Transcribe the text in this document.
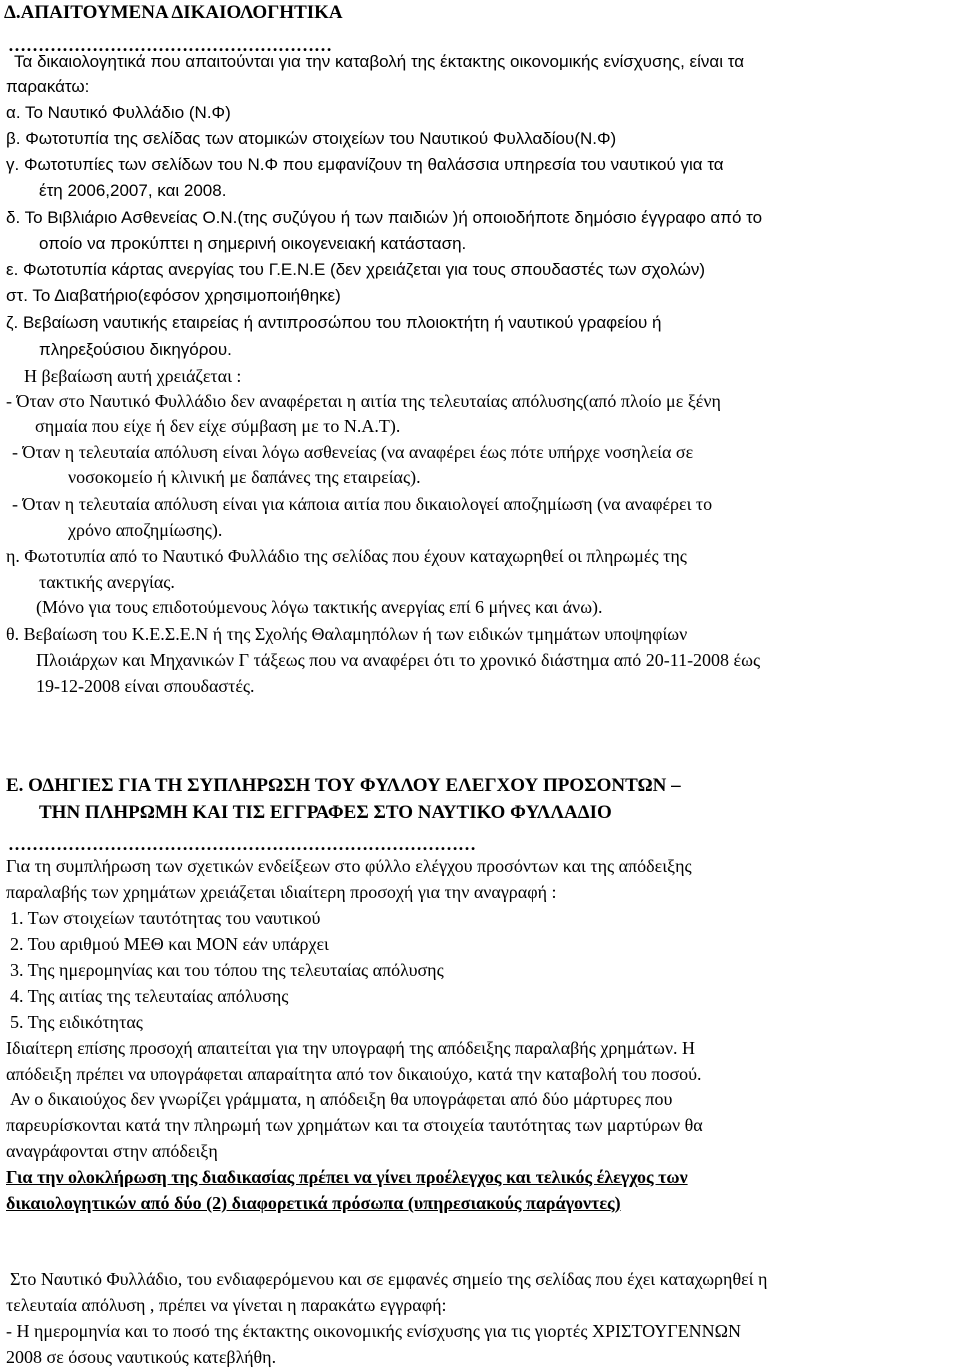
Δ.ΑΠΑΙΤΟΥΜΕΝΑ ΔΙΚΑΙΟΛΟΓΗΤΙΚΑ
………………………………………………
Τα δικαιολογητικά που απαιτούνται για την καταβολή της έκτακτης οικονομικής ενίσχυσης, είναι τα
παρακάτω:
α. Το Ναυτικό Φυλλάδιο (Ν.Φ)
β. Φωτοτυπία της σελίδας των ατομικών στοιχείων του Ναυτικού Φυλλαδίου(Ν.Φ)
γ. Φωτοτυπίες των σελίδων του Ν.Φ που εμφανίζουν τη θαλάσσια υπηρεσία του ναυτικού για τα
έτη 2006,2007, και 2008.
δ. Το Βιβλιάριο Ασθενείας Ο.Ν.(της συζύγου ή των παιδιών )ή οποιοδήποτε δημόσιο έγγραφο από το
οποίο να προκύπτει η σημερινή οικογενειακή κατάσταση.
ε. Φωτοτυπία κάρτας ανεργίας του Γ.Ε.Ν.Ε (δεν χρειάζεται για τους σπουδαστές των σχολών)
στ. Το Διαβατήριο(εφόσον χρησιμοποιήθηκε)
ζ. Βεβαίωση ναυτικής εταιρείας ή αντιπροσώπου του πλοιοκτήτη ή ναυτικού γραφείου ή
πληρεξούσιου δικηγόρου.
Η βεβαίωση αυτή χρειάζεται :
- Όταν στο Ναυτικό Φυλλάδιο δεν αναφέρεται η αιτία της τελευταίας απόλυσης(από πλοίο με ξένη
σημαία που είχε ή δεν είχε σύμβαση με το Ν.Α.Τ).
- Όταν η τελευταία απόλυση είναι λόγω ασθενείας (να αναφέρει έως πότε υπήρχε νοσηλεία σε
νοσοκομείο ή κλινική με δαπάνες της εταιρείας).
- Όταν η τελευταία απόλυση είναι για κάποια αιτία που δικαιολογεί αποζημίωση (να αναφέρει το
χρόνο αποζημίωσης).
η. Φωτοτυπία από το Ναυτικό Φυλλάδιο της σελίδας που έχουν καταχωρηθεί οι πληρωμές της
τακτικής ανεργίας.
(Μόνο για τους επιδοτούμενους λόγω τακτικής ανεργίας επί 6 μήνες και άνω).
θ. Βεβαίωση του Κ.Ε.Σ.Ε.Ν ή της Σχολής Θαλαμηπόλων ή των ειδικών τμημάτων υποψηφίων
Πλοιάρχων και Μηχανικών Γ τάξεως που να αναφέρει ότι το χρονικό διάστημα από 20-11-2008 έως
19-12-2008 είναι σπουδαστές.
Ε. ΟΔΗΓΙΕΣ ΓΙΑ ΤΗ ΣΥΠΛΗΡΩΣΗ ΤΟΥ ΦΥΛΛΟΥ ΕΛΕΓΧΟΥ ΠΡΟΣΟΝΤΩΝ –
ΤΗΝ ΠΛΗΡΩΜΗ ΚΑΙ ΤΙΣ ΕΓΓΡΑΦΕΣ ΣΤΟ ΝΑΥΤΙΚΟ ΦΥΛΛΑΔΙΟ
……………………………………………………………………
Για τη συμπλήρωση των σχετικών ενδείξεων στο φύλλο ελέγχου προσόντων και της απόδειξης
παραλαβής των χρημάτων χρειάζεται ιδιαίτερη προσοχή για την αναγραφή :
1. Των στοιχείων ταυτότητας του ναυτικού
2. Του αριθμού ΜΕΘ και ΜΟΝ εάν υπάρχει
3. Της ημερομηνίας και του τόπου της τελευταίας απόλυσης
4. Της αιτίας της τελευταίας απόλυσης
5. Της ειδικότητας
Ιδιαίτερη επίσης προσοχή απαιτείται για την υπογραφή της απόδειξης παραλαβής χρημάτων. Η
απόδειξη πρέπει να υπογράφεται απαραίτητα από τον δικαιούχο, κατά την καταβολή του ποσού.
Αν ο δικαιούχος δεν γνωρίζει γράμματα, η απόδειξη θα υπογράφεται από δύο μάρτυρες που
παρευρίσκονται κατά την πληρωμή των χρημάτων και τα στοιχεία ταυτότητας των μαρτύρων θα
αναγράφονται στην απόδειξη
Για την ολοκλήρωση της διαδικασίας πρέπει να γίνει προέλεγχος και τελικός έλεγχος των
δικαιολογητικών από δύο (2) διαφορετικά πρόσωπα (υπηρεσιακούς παράγοντες)
Στο Ναυτικό Φυλλάδιο, του ενδιαφερόμενου και σε εμφανές σημείο της σελίδας που έχει καταχωρηθεί η
τελευταία απόλυση , πρέπει να γίνεται η παρακάτω εγγραφή:
- Η ημερομηνία και το ποσό της έκτακτης οικονομικής ενίσχυσης για τις γιορτές ΧΡΙΣΤΟΥΓΕΝΝΩΝ
2008 σε όσους ναυτικούς κατεβλήθη.
